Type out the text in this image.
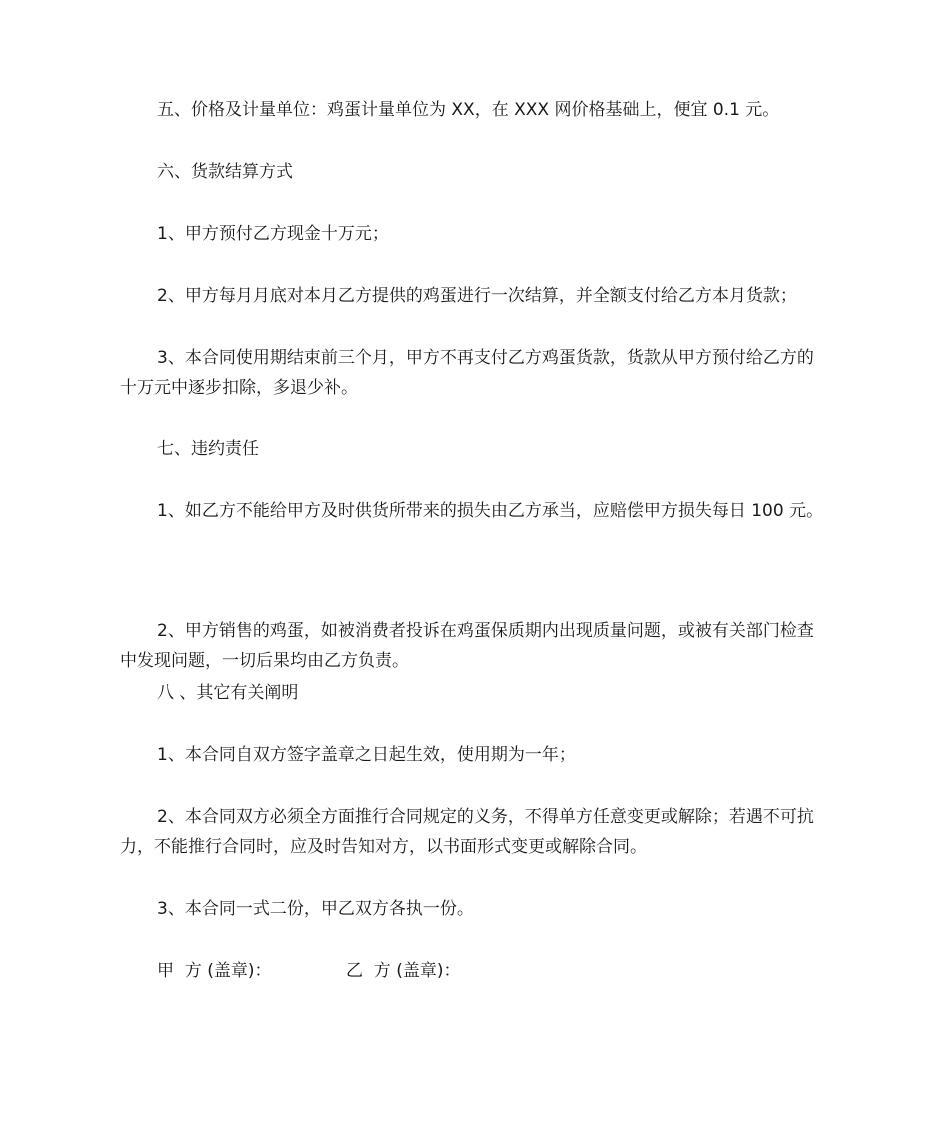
五、价格及计量单位：鸡蛋计量单位为 XX，在 XXX 网价格基础上，便宜 0.1 元。

六、货款结算方式

1、甲方预付乙方现金十万元；

2、甲方每月月底对本月乙方提供的鸡蛋进行一次结算，并全额支付给乙方本月货款；

3、本合同使用期结束前三个月，甲方不再支付乙方鸡蛋货款，货款从甲方预付给乙方的十万元中逐步扣除，多退少补。

七、违约责任

1、如乙方不能给甲方及时供货所带来的损失由乙方承当，应赔偿甲方损失每日 100 元。

2、甲方销售的鸡蛋，如被消费者投诉在鸡蛋保质期内出现质量问题，或被有关部门检查中发现问题，一切后果均由乙方负责。

八 、其它有关阐明

1、本合同自双方签字盖章之日起生效，使用期为一年；

2、本合同双方必须全方面推行合同规定的义务，不得单方任意变更或解除；若遇不可抗力，不能推行合同时，应及时告知对方，以书面形式变更或解除合同。

3、本合同一式二份，甲乙双方各执一份。

甲  方 (盖章)：	乙  方 (盖章)：
